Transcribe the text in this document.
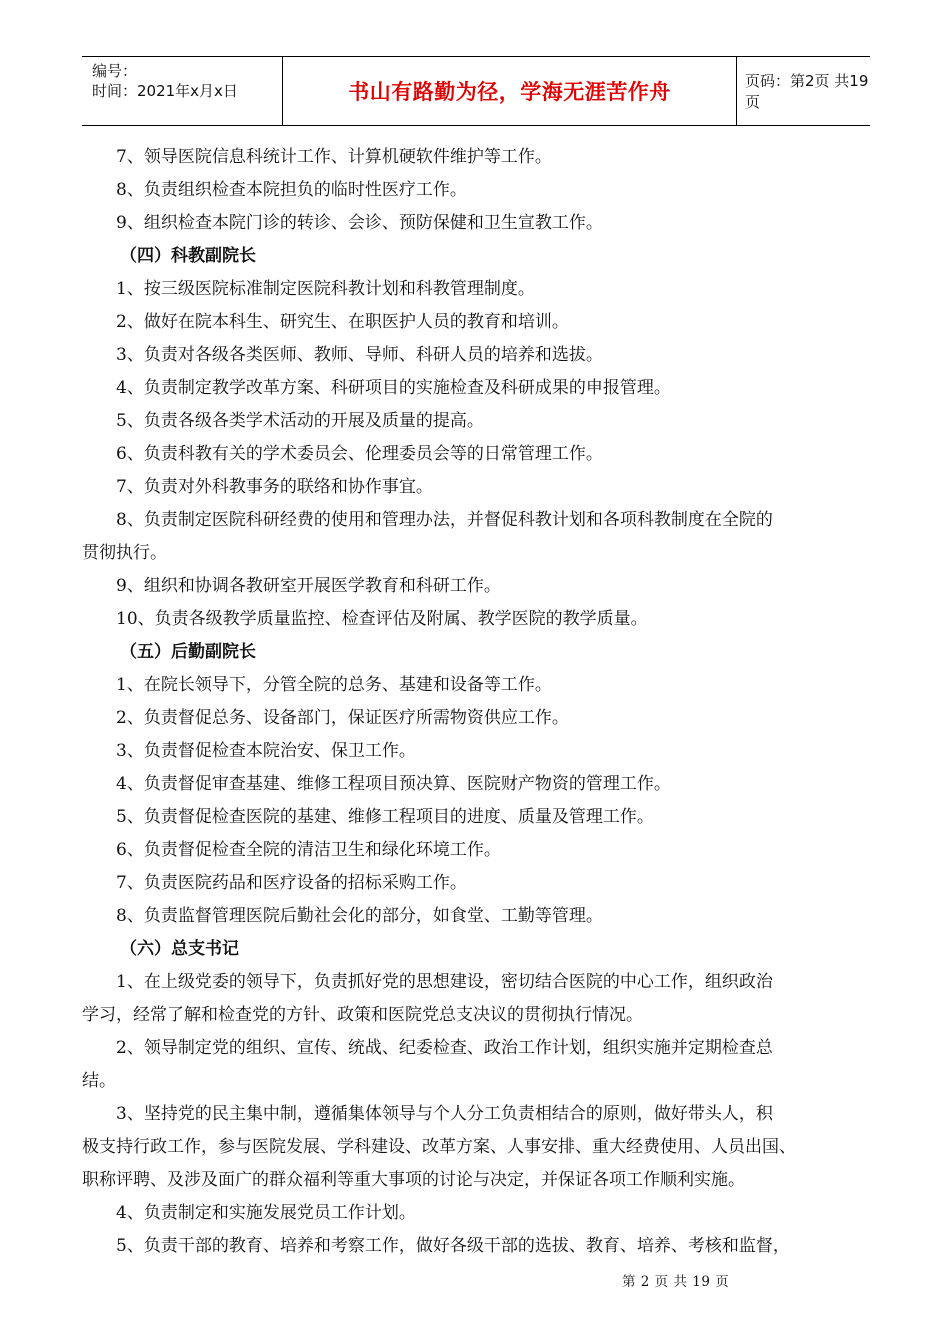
编号：
时间：2021年x月x日	书山有路勤为径，学海无涯苦作舟	页码：第2页 共19页

7、领导医院信息科统计工作、计算机硬软件维护等工作。

8、负责组织检查本院担负的临时性医疗工作。

9、组织检查本院门诊的转诊、会诊、预防保健和卫生宣教工作。

（四）科教副院长

1、按三级医院标准制定医院科教计划和科教管理制度。

2、做好在院本科生、研究生、在职医护人员的教育和培训。

3、负责对各级各类医师、教师、导师、科研人员的培养和选拔。

4、负责制定教学改革方案、科研项目的实施检查及科研成果的申报管理。

5、负责各级各类学术活动的开展及质量的提高。

6、负责科教有关的学术委员会、伦理委员会等的日常管理工作。

7、负责对外科教事务的联络和协作事宜。

8、负责制定医院科研经费的使用和管理办法，并督促科教计划和各项科教制度在全院的

贯彻执行。

9、组织和协调各教研室开展医学教育和科研工作。

10、负责各级教学质量监控、检查评估及附属、教学医院的教学质量。

（五）后勤副院长

1、在院长领导下，分管全院的总务、基建和设备等工作。

2、负责督促总务、设备部门，保证医疗所需物资供应工作。

3、负责督促检查本院治安、保卫工作。

4、负责督促审查基建、维修工程项目预决算、医院财产物资的管理工作。

5、负责督促检查医院的基建、维修工程项目的进度、质量及管理工作。

6、负责督促检查全院的清洁卫生和绿化环境工作。

7、负责医院药品和医疗设备的招标采购工作。

8、负责监督管理医院后勤社会化的部分，如食堂、工勤等管理。

（六）总支书记

1、在上级党委的领导下，负责抓好党的思想建设，密切结合医院的中心工作，组织政治

学习，经常了解和检查党的方针、政策和医院党总支决议的贯彻执行情况。

2、领导制定党的组织、宣传、统战、纪委检查、政治工作计划，组织实施并定期检查总

结。

3、坚持党的民主集中制，遵循集体领导与个人分工负责相结合的原则，做好带头人，积

极支持行政工作，参与医院发展、学科建设、改革方案、人事安排、重大经费使用、人员出国、

职称评聘、及涉及面广的群众福利等重大事项的讨论与决定，并保证各项工作顺利实施。

4、负责制定和实施发展党员工作计划。

5、负责干部的教育、培养和考察工作，做好各级干部的选拔、教育、培养、考核和监督，

第 2 页 共 19 页
